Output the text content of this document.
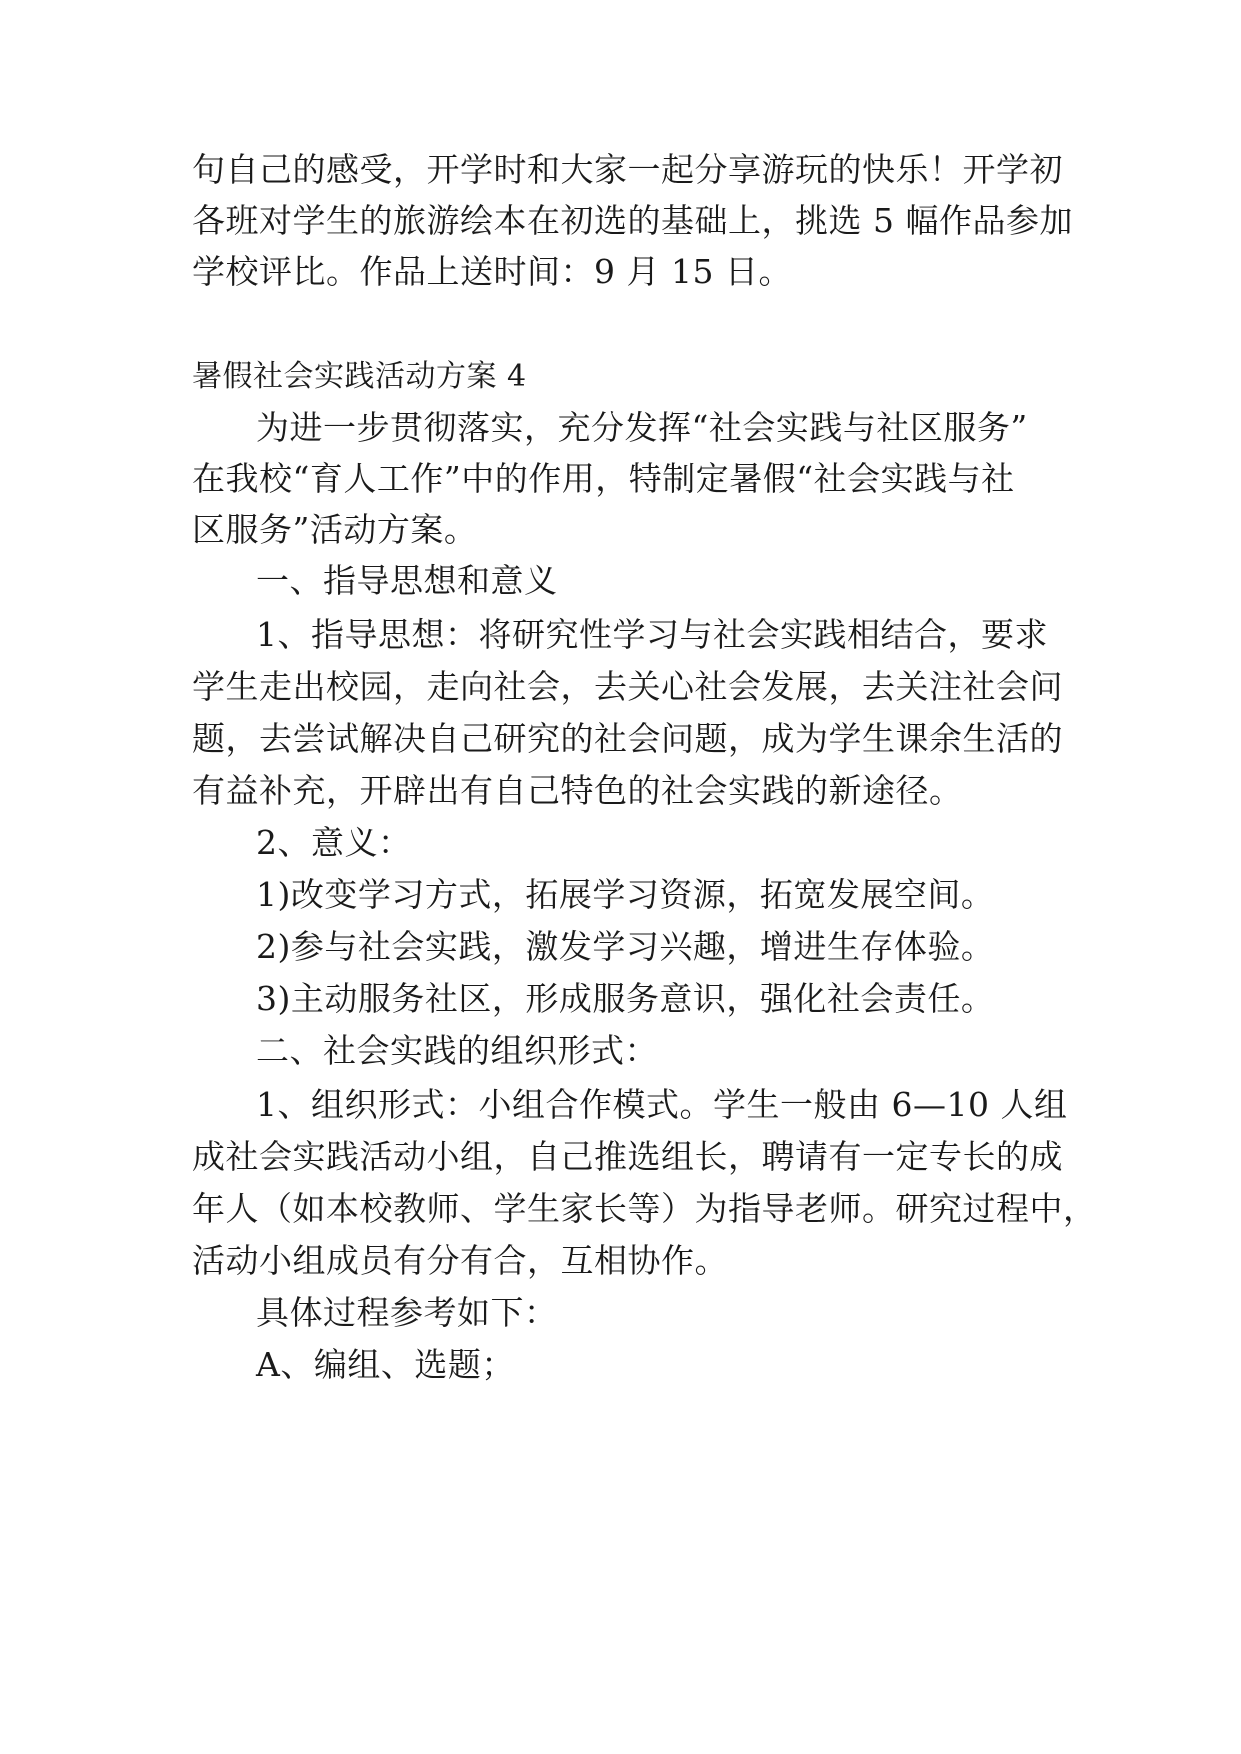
句自己的感受，开学时和大家一起分享游玩的快乐！开学初
各班对学生的旅游绘本在初选的基础上，挑选 5 幅作品参加
学校评比。作品上送时间：9 月 15 日。
暑假社会实践活动方案 4
为进一步贯彻落实，充分发挥“社会实践与社区服务”
在我校“育人工作”中的作用，特制定暑假“社会实践与社
区服务”活动方案。
一、指导思想和意义
1、指导思想：将研究性学习与社会实践相结合，要求
学生走出校园，走向社会，去关心社会发展，去关注社会问
题，去尝试解决自己研究的社会问题，成为学生课余生活的
有益补充，开辟出有自己特色的社会实践的新途径。
2、意义：
1)改变学习方式，拓展学习资源，拓宽发展空间。
2)参与社会实践，激发学习兴趣，增进生存体验。
3)主动服务社区，形成服务意识，强化社会责任。
二、社会实践的组织形式：
1、组织形式：小组合作模式。学生一般由 6—10 人组
成社会实践活动小组，自己推选组长，聘请有一定专长的成
年人（如本校教师、学生家长等）为指导老师。研究过程中，
活动小组成员有分有合，互相协作。
具体过程参考如下：
A、编组、选题；
